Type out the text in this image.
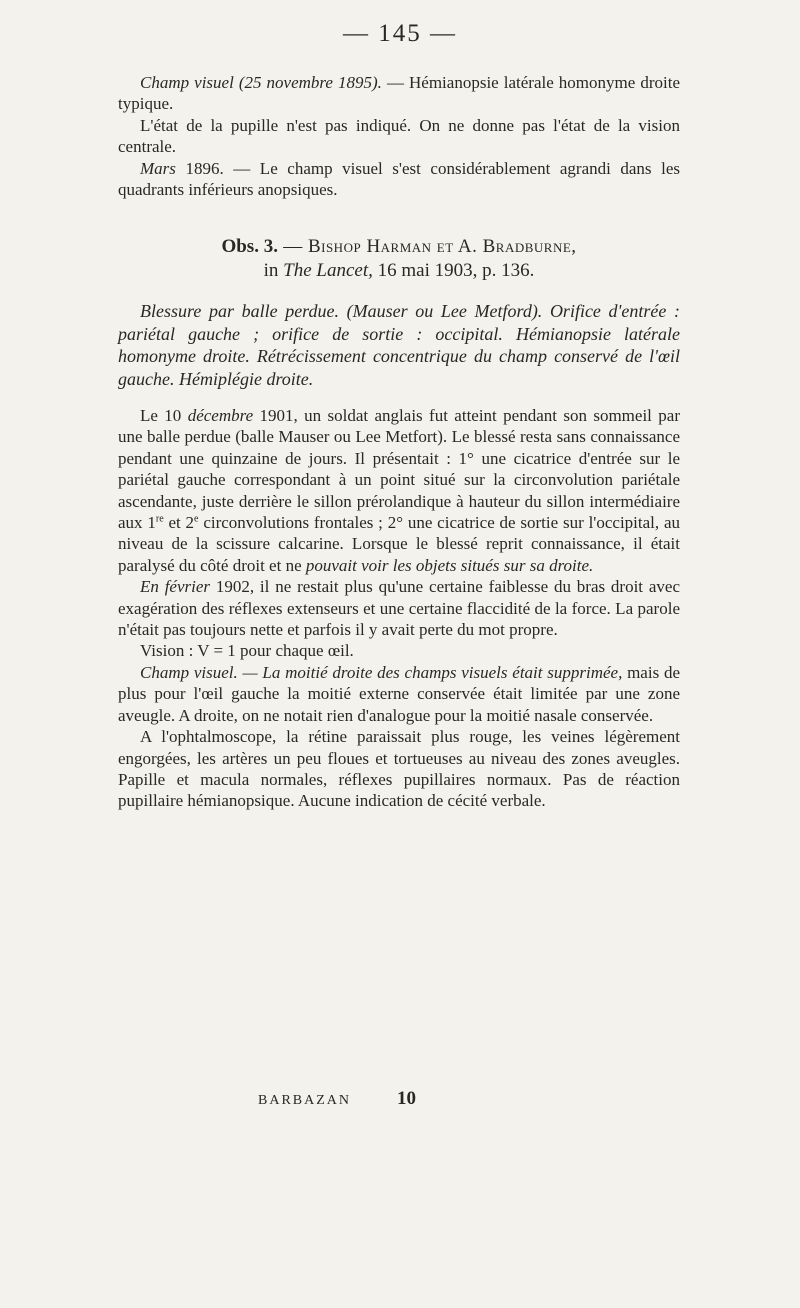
— 145 —

Champ visuel (25 novembre 1895). — Hémianopsie latérale homonyme droite typique.

L'état de la pupille n'est pas indiqué. On ne donne pas l'état de la vision centrale.

Mars 1896. — Le champ visuel s'est considérablement agrandi dans les quadrants inférieurs anopsiques.

Obs. 3. — Bishop Harman et A. Bradburne,
in The Lancet, 16 mai 1903, p. 136.
Blessure par balle perdue. (Mauser ou Lee Metford). Orifice d'entrée : pariétal gauche ; orifice de sortie : occipital. Hémianopsie latérale homonyme droite. Rétrécissement concentrique du champ conservé de l'œil gauche. Hémiplégie droite.

Le 10 décembre 1901, un soldat anglais fut atteint pendant son sommeil par une balle perdue (balle Mauser ou Lee Metfort). Le blessé resta sans connaissance pendant une quinzaine de jours. Il présentait : 1° une cicatrice d'entrée sur le pariétal gauche correspondant à un point situé sur la circonvolution pariétale ascendante, juste derrière le sillon prérolandique à hauteur du sillon intermédiaire aux 1re et 2e circonvolutions frontales ; 2° une cicatrice de sortie sur l'occipital, au niveau de la scissure calcarine. Lorsque le blessé reprit connaissance, il était paralysé du côté droit et ne pouvait voir les objets situés sur sa droite.

En février 1902, il ne restait plus qu'une certaine faiblesse du bras droit avec exagération des réflexes extenseurs et une certaine flaccidité de la force. La parole n'était pas toujours nette et parfois il y avait perte du mot propre.

Vision : V = 1 pour chaque œil.

Champ visuel. — La moitié droite des champs visuels était supprimée, mais de plus pour l'œil gauche la moitié externe conservée était limitée par une zone aveugle. A droite, on ne notait rien d'analogue pour la moitié nasale conservée.

A l'ophtalmoscope, la rétine paraissait plus rouge, les veines légèrement engorgées, les artères un peu floues et tortueuses au niveau des zones aveugles. Papille et macula normales, réflexes pupillaires normaux. Pas de réaction pupillaire hémianopsique. Aucune indication de cécité verbale.

BARBAZAN 10
